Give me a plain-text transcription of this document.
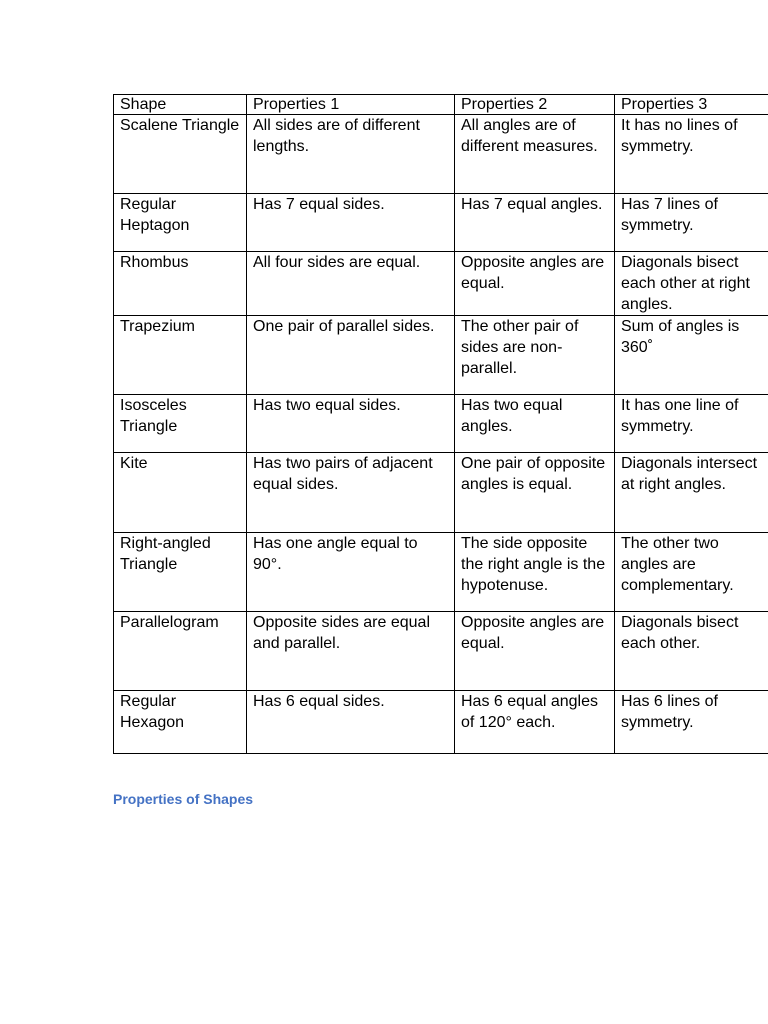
Shape	Properties 1	Properties 2	Properties 3
Scalene Triangle	All sides are of different lengths.	All angles are of different measures.	It has no lines of symmetry.
Regular Heptagon	Has 7 equal sides.	Has 7 equal angles.	Has 7 lines of symmetry.
Rhombus	All four sides are equal.	Opposite angles are equal.	Diagonals bisect each other at right angles.
Trapezium	One pair of parallel sides.	The other pair of sides are non-parallel.	Sum of angles is 360˚
Isosceles Triangle	Has two equal sides.	Has two equal angles.	It has one line of symmetry.
Kite	Has two pairs of adjacent equal sides.	One pair of opposite angles is equal.	Diagonals intersect at right angles.
Right-angled Triangle	Has one angle equal to 90°.	The side opposite the right angle is the hypotenuse.	The other two angles are complementary.
Parallelogram	Opposite sides are equal and parallel.	Opposite angles are equal.	Diagonals bisect each other.
Regular Hexagon	Has 6 equal sides.	Has 6 equal angles of 120° each.	Has 6 lines of symmetry.
Properties of Shapes
